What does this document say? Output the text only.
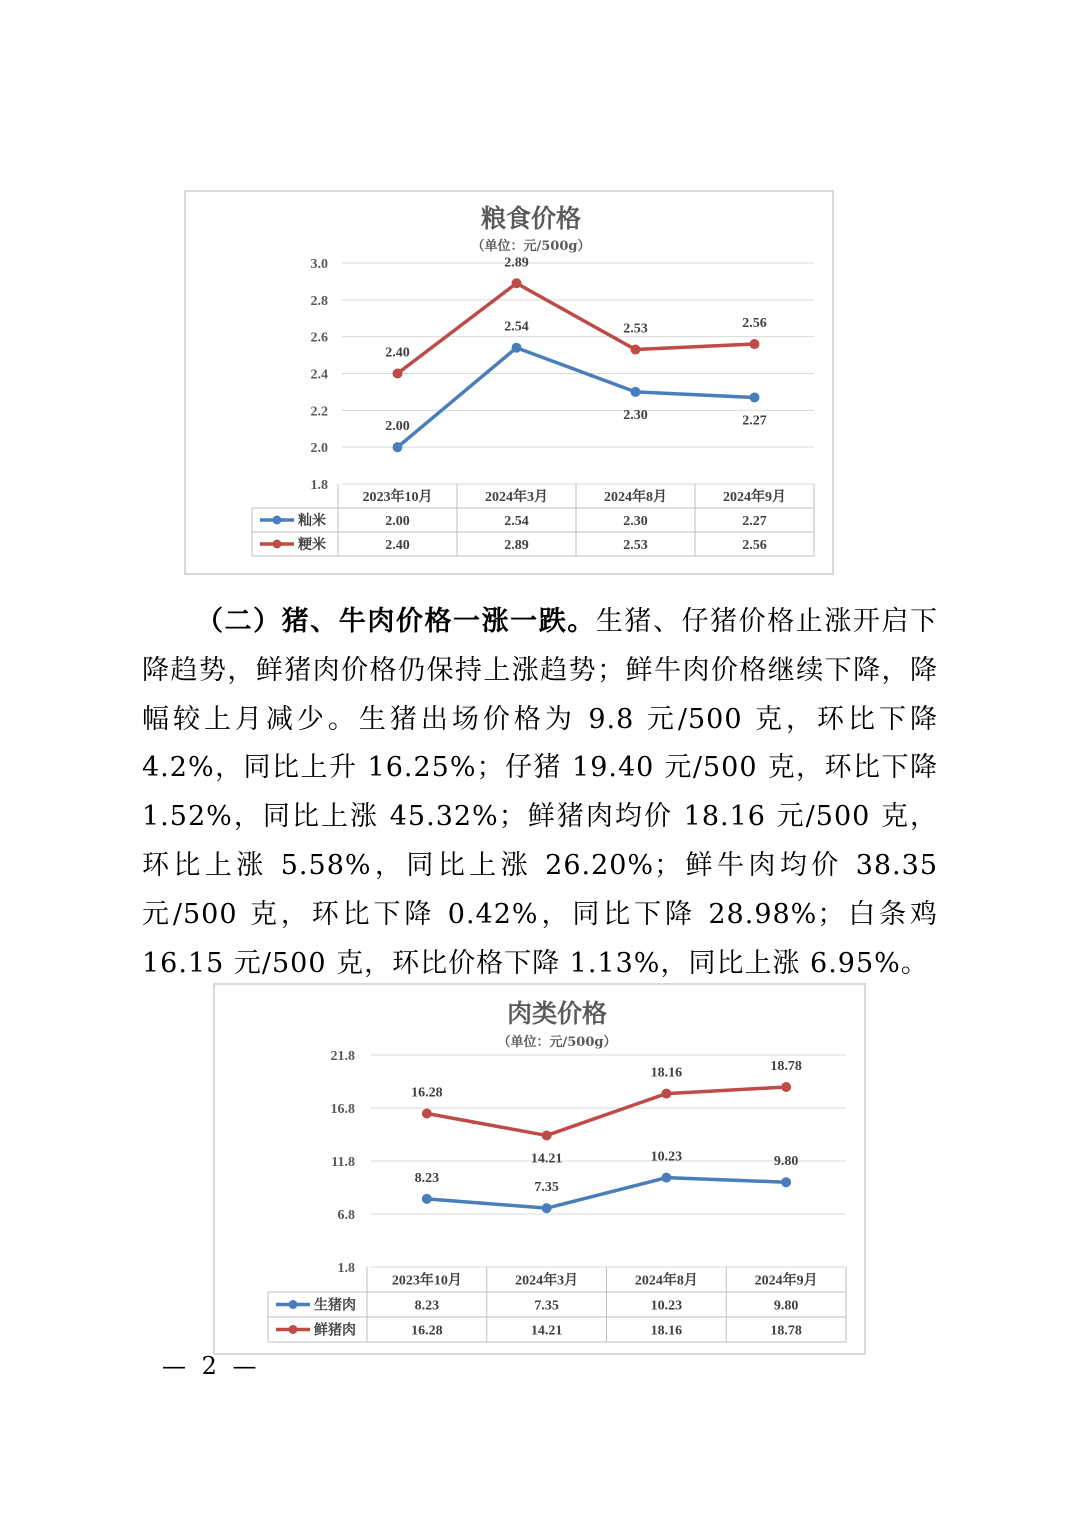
粮食价格
（单位：元/500g）
3.0
2.8
2.6
2.4
2.2
2.0
1.8
2023年10月	2024年3月	2024年8月	2024年9月
籼米	2.00	2.54	2.30	2.27
粳米	2.40	2.89	2.53	2.56
2.00
2.54
2.30	2.27
2.40
2.89
2.53	2.56

（二）猪、牛肉价格一涨一跌。生猪、仔猪价格止涨开启下降趋势，鲜猪肉价格仍保持上涨趋势；鲜牛肉价格继续下降，降幅较上月减少。生猪出场价格为 9.8 元/500 克，环比下降 4.2%，同比上升 16.25%；仔猪 19.40 元/500 克，环比下降 1.52%，同比上涨 45.32%；鲜猪肉均价 18.16 元/500 克，环比上涨 5.58%，同比上涨 26.20%；鲜牛肉均价 38.35 元/500 克，环比下降 0.42%，同比下降 28.98%；白条鸡 16.15 元/500 克，环比价格下降 1.13%，同比上涨 6.95%。

肉类价格
（单位：元/500g）
21.8
16.8
11.8
6.8
1.8
2023年10月	2024年3月	2024年8月	2024年9月
生猪肉	8.23	7.35	10.23	9.80
鲜猪肉	16.28	14.21	18.16	18.78
8.23
7.35
10.23	9.80
16.28
14.21
18.16	18.78
— 2 —
